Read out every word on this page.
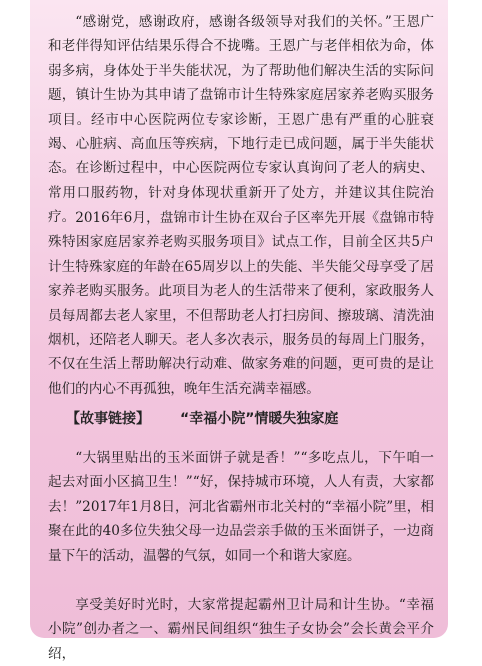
“感谢党，感谢政府，感谢各级领导对我们的关怀。”王恩广和老伴得知评估结果乐得合不拢嘴。王恩广与老伴相依为命，体弱多病，身体处于半失能状况，为了帮助他们解决生活的实际问题，镇计生协为其申请了盘锦市计生特殊家庭居家养老购买服务项目。经市中心医院两位专家诊断，王恩广患有严重的心脏衰竭、心脏病、高血压等疾病，下地行走已成问题，属于半失能状态。在诊断过程中，中心医院两位专家认真询问了老人的病史、常用口服药物，针对身体现状重新开了处方，并建议其住院治疗。 2016年6月，盘锦市计生协在双台子区率先开展《盘锦市特殊特困家庭居家养老购买服务项目》试点工作，目前全区共5户计生特殊家庭的年龄在65周岁以上的失能、半失能父母享受了居家养老购买服务。此项目为老人的生活带来了便利，家政服务人员每周都去老人家里，不但帮助老人打扫房间、擦玻璃、清洗油烟机，还陪老人聊天。老人多次表示，服务员的每周上门服务，不仅在生活上帮助解决行动难、做家务难的问题，更可贵的是让他们的内心不再孤独，晚年生活充满幸福感。

【故事链接】 “幸福小院”情暖失独家庭

“大锅里贴出的玉米面饼子就是香！”“多吃点儿，下午咱一起去对面小区搞卫生！”“好，保持城市环境，人人有责，大家都去！”2017年1月8日，河北省霸州市北关村的“幸福小院”里，相聚在此的40多位失独父母一边品尝亲手做的玉米面饼子，一边商量下午的活动，温馨的气氛，如同一个和谐大家庭。

享受美好时光时，大家常提起霸州卫计局和计生协。“幸福小院”创办者之一、霸州民间组织“独生子女协会”会长黄会平介绍，
